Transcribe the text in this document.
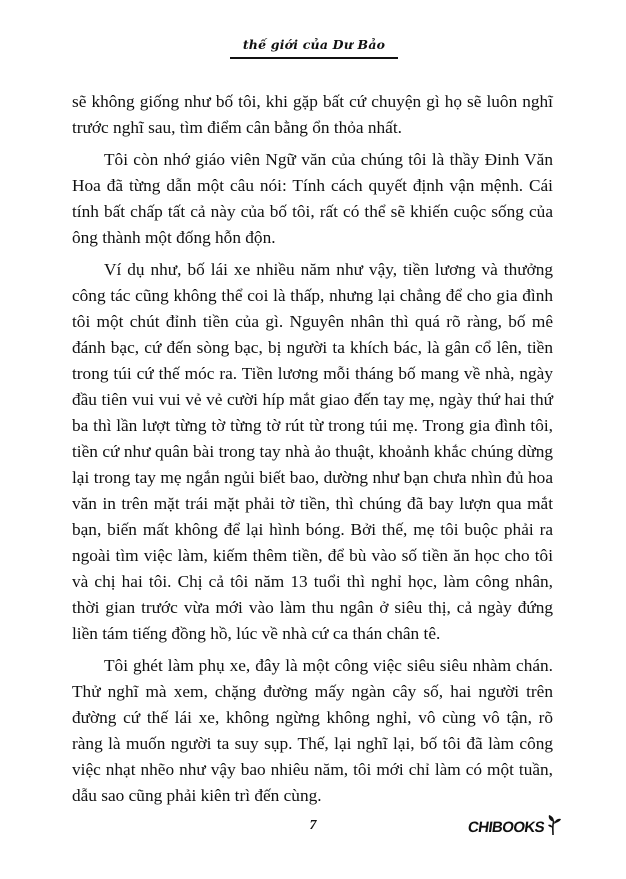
thế giới của Dư Bảo

sẽ không giống như bố tôi, khi gặp bất cứ chuyện gì họ sẽ luôn nghĩ trước nghĩ sau, tìm điểm cân bằng ổn thỏa nhất.

Tôi còn nhớ giáo viên Ngữ văn của chúng tôi là thầy Đinh Văn Hoa đã từng dẫn một câu nói: Tính cách quyết định vận mệnh. Cái tính bất chấp tất cả này của bố tôi, rất có thể sẽ khiến cuộc sống của ông thành một đống hỗn độn.

Ví dụ như, bố lái xe nhiều năm như vậy, tiền lương và thưởng công tác cũng không thể coi là thấp, nhưng lại chẳng để cho gia đình tôi một chút đỉnh tiền của gì. Nguyên nhân thì quá rõ ràng, bố mê đánh bạc, cứ đến sòng bạc, bị người ta khích bác, là gân cổ lên, tiền trong túi cứ thế móc ra. Tiền lương mỗi tháng bố mang về nhà, ngày đầu tiên vui vui vẻ vẻ cười híp mắt giao đến tay mẹ, ngày thứ hai thứ ba thì lần lượt từng tờ từng tờ rút từ trong túi mẹ. Trong gia đình tôi, tiền cứ như quân bài trong tay nhà ảo thuật, khoảnh khắc chúng dừng lại trong tay mẹ ngắn ngủi biết bao, dường như bạn chưa nhìn đủ hoa văn in trên mặt trái mặt phải tờ tiền, thì chúng đã bay lượn qua mắt bạn, biến mất không để lại hình bóng. Bởi thế, mẹ tôi buộc phải ra ngoài tìm việc làm, kiếm thêm tiền, để bù vào số tiền ăn học cho tôi và chị hai tôi. Chị cả tôi năm 13 tuổi thì nghỉ học, làm công nhân, thời gian trước vừa mới vào làm thu ngân ở siêu thị, cả ngày đứng liền tám tiếng đồng hồ, lúc về nhà cứ ca thán chân tê.

Tôi ghét làm phụ xe, đây là một công việc siêu siêu nhàm chán. Thử nghĩ mà xem, chặng đường mấy ngàn cây số, hai người trên đường cứ thế lái xe, không ngừng không nghỉ, vô cùng vô tận, rõ ràng là muốn người ta suy sụp. Thế, lại nghĩ lại, bố tôi đã làm công việc nhạt nhẽo như vậy bao nhiêu năm, tôi mới chỉ làm có một tuần, dẫu sao cũng phải kiên trì đến cùng.

7	CHIBOOKS
